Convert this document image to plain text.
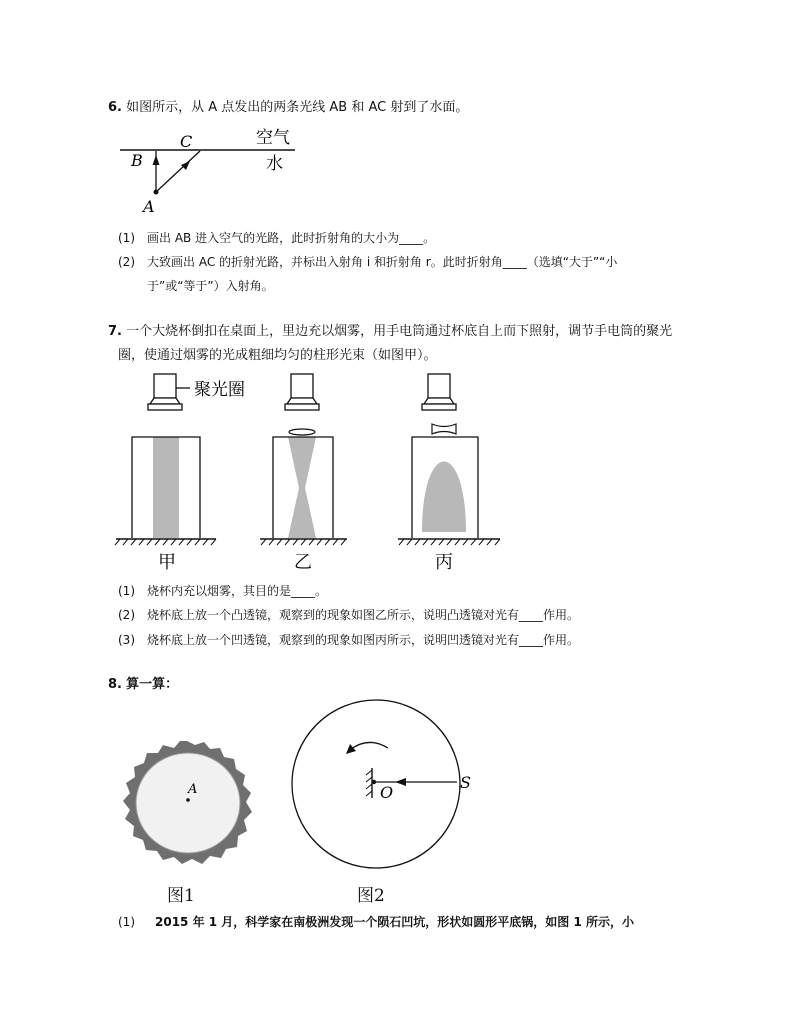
6. 如图所示，从 A 点发出的两条光线 AB 和 AC 射到了水面。
B
C
A
空气
水
(1) 画出 AB 进入空气的光路，此时折射角的大小为____。
(2) 大致画出 AC 的折射光路，并标出入射角 i 和折射角 r。此时折射角____（选填“大于”“小
于”或“等于”）入射角。
7. 一个大烧杯倒扣在桌面上，里边充以烟雾，用手电筒通过杯底自上而下照射，调节手电筒的聚光
圈，使通过烟雾的光成粗细均匀的柱形光束（如图甲）。
聚光圈
甲	乙	丙
(1) 烧杯内充以烟雾，其目的是____。
(2) 烧杯底上放一个凸透镜，观察到的现象如图乙所示，说明凸透镜对光有____作用。
(3) 烧杯底上放一个凹透镜，观察到的现象如图丙所示，说明凹透镜对光有____作用。
8. 算一算：
A
图1
O
S
图2
(1) 2015 年 1 月，科学家在南极洲发现一个陨石凹坑，形状如圆形平底锅，如图 1 所示，小
